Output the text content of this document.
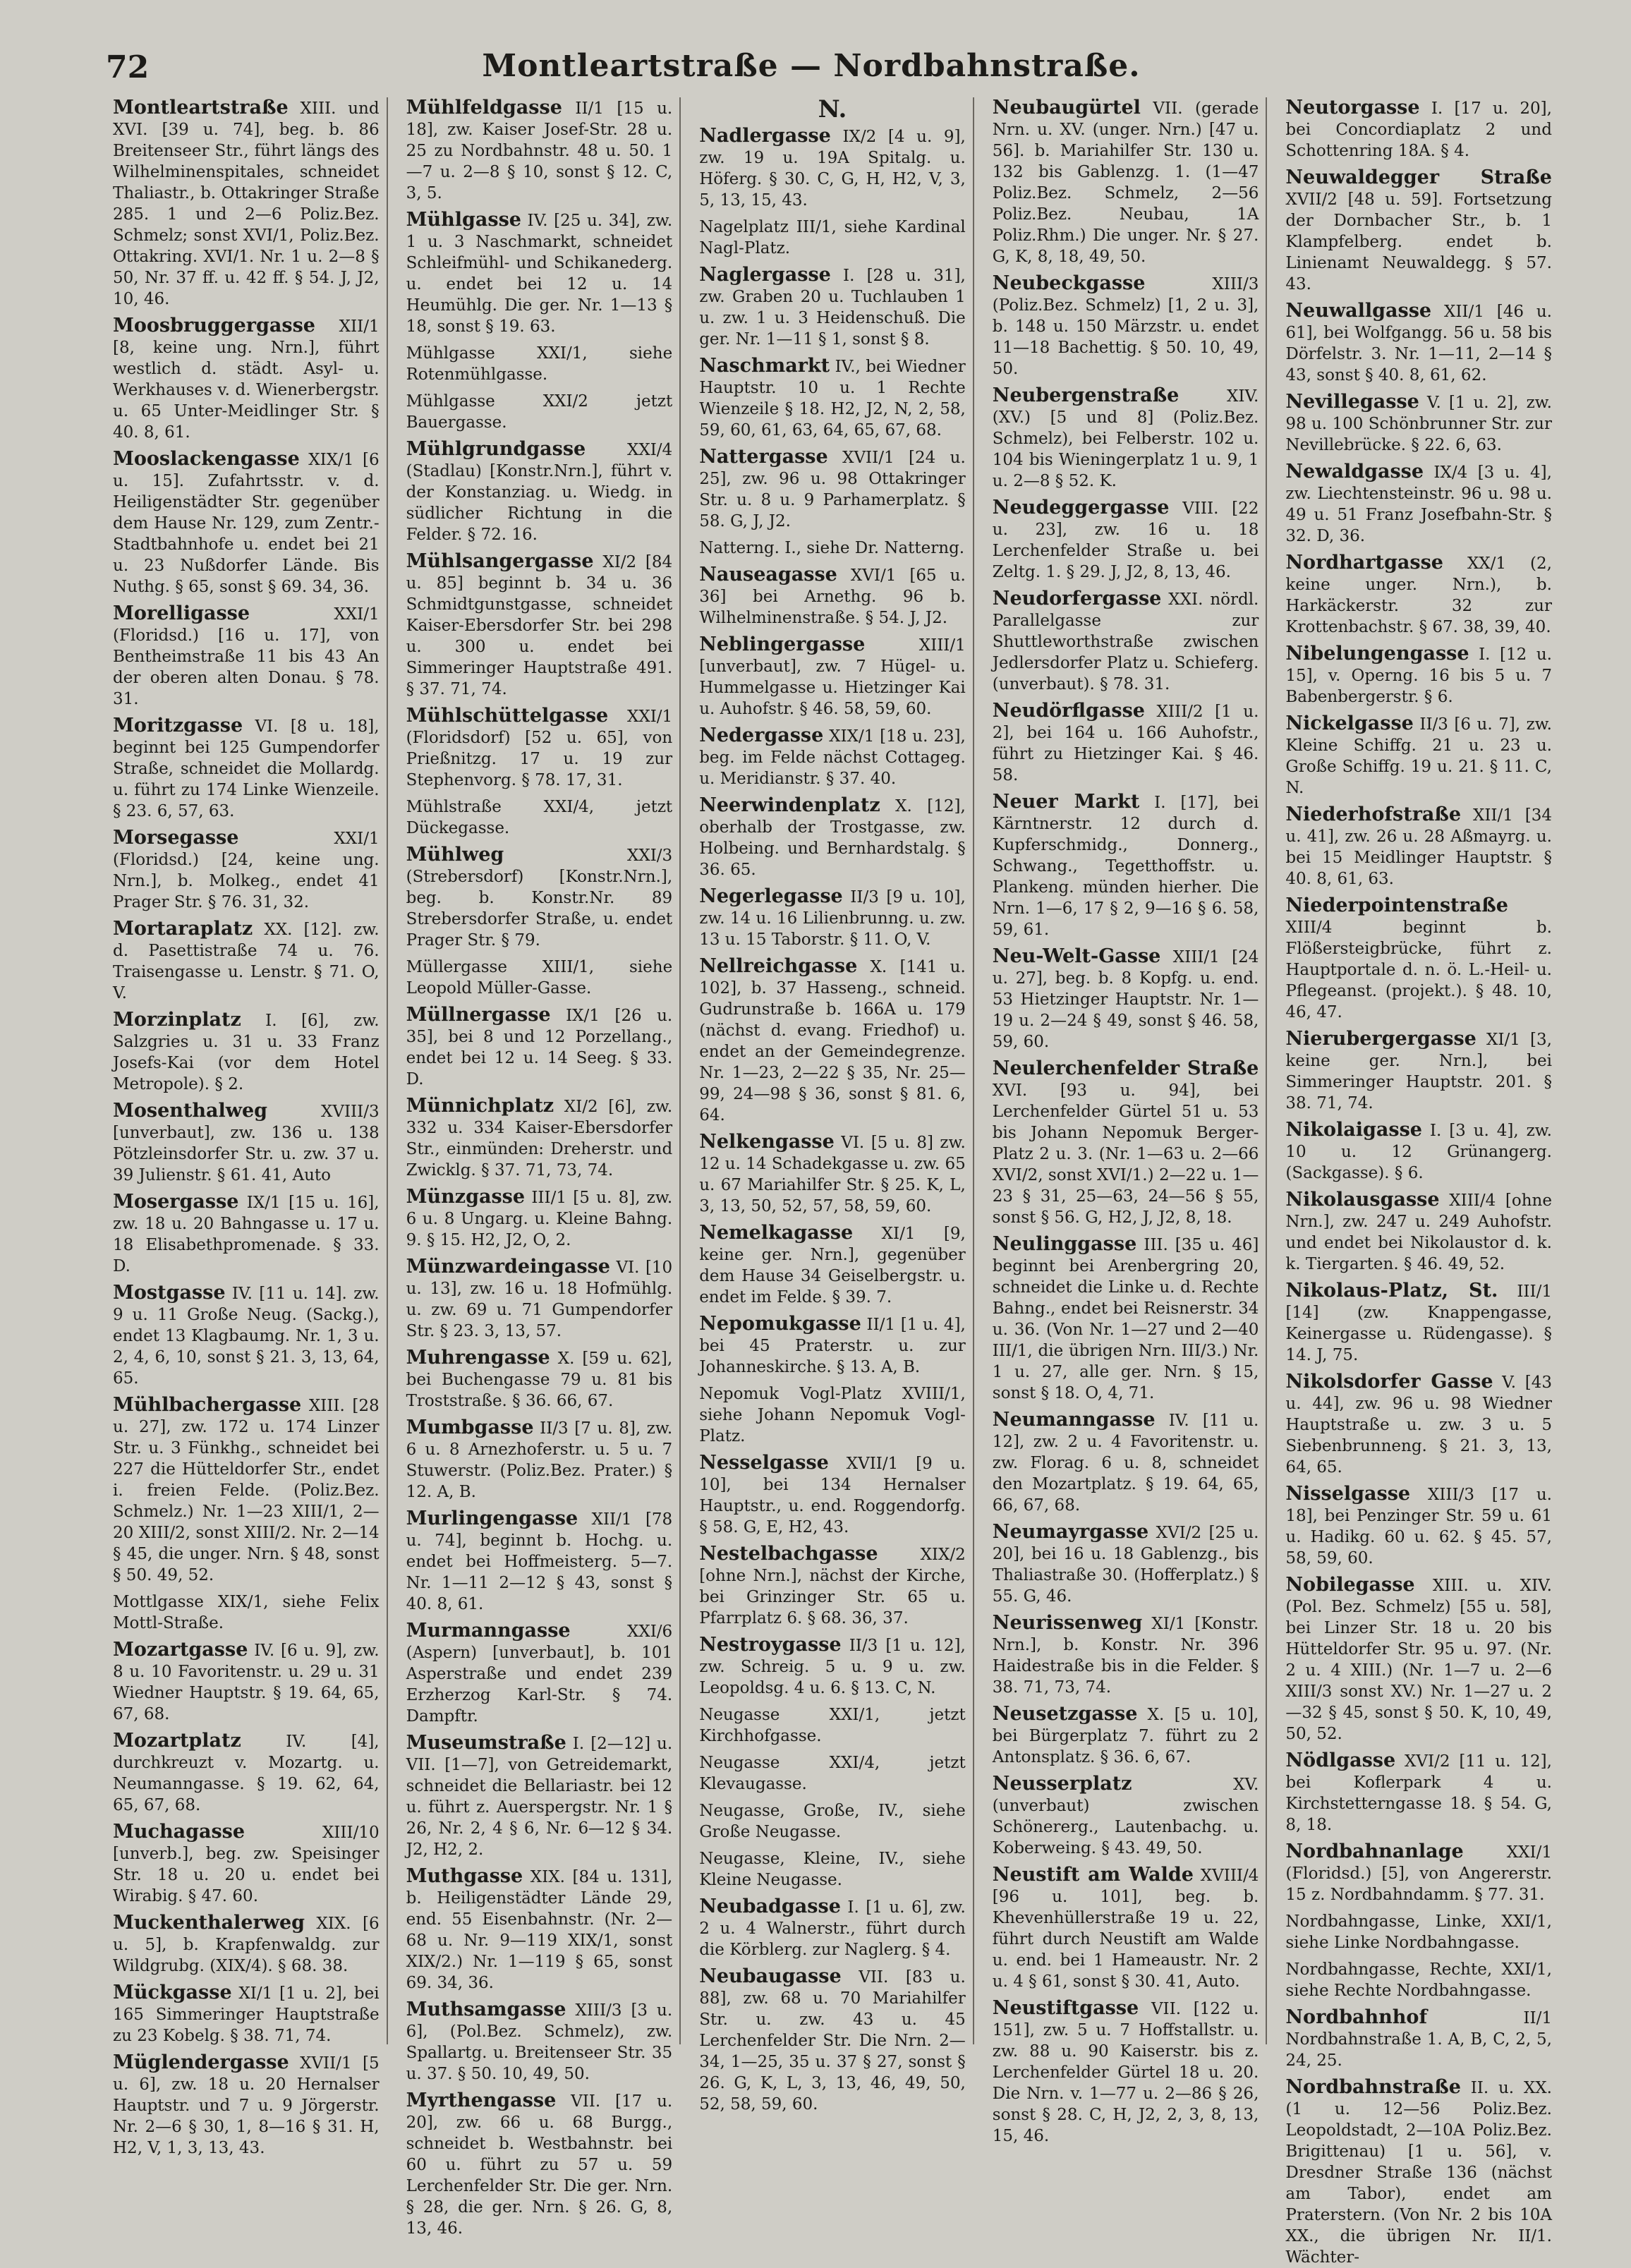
72	Montleartstraße — Nordbahnstraße.

Montleartstraße XIII. und XVI. [39 u. 74], beg. b. 86 Breitenseer Str., führt längs des Wilhelminenspitales, schneidet Thaliastr., b. Ottakringer Straße 285. 1 und 2—6 Poliz.Bez. Schmelz; sonst XVI/1, Poliz.Bez. Ottakring. XVI/1. Nr. 1 u. 2—8 § 50, Nr. 37 ff. u. 42 ff. § 54. J, J2, 10, 46.

Moosbruggergasse XII/1 [8, keine ung. Nrn.], führt westlich d. städt. Asyl- u. Werkhauses v. d. Wienerbergstr. u. 65 Unter-Meidlinger Str. § 40. 8, 61.

Mooslackengasse XIX/1 [6 u. 15]. Zufahrtsstr. v. d. Heiligenstädter Str. gegenüber dem Hause Nr. 129, zum Zentr.-Stadtbahnhofe u. endet bei 21 u. 23 Nußdorfer Lände. Bis Nuthg. § 65, sonst § 69. 34, 36.

Morelligasse	XXI/1 (Floridsd.) [16 u. 17], von Bentheimstraße 11 bis 43 An der oberen alten Donau. § 78. 31.

Moritzgasse VI. [8 u. 18], beginnt bei 125 Gumpendorfer Straße, schneidet die Mollardg. u. führt zu 174 Linke Wienzeile. § 23. 6, 57, 63.

Morsegasse	XXI/1 (Floridsd.) [24, keine ung. Nrn.], b. Molkeg., endet 41 Prager Str. § 76. 31, 32.

Mortaraplatz XX. [12]. zw. d. Pasettistraße 74 u. 76. Traisengasse u. Lenstr. § 71. O, V.

Morzinplatz I. [6], zw. Salzgries u. 31 u. 33 Franz Josefs-Kai (vor dem Hotel Metropole). § 2.

Mosenthalweg	XVIII/3 [unverbaut], zw. 136 u. 138 Pötzleinsdorfer Str. u. zw. 37 u. 39 Julienstr. § 61. 41, Auto

Mosergasse IX/1 [15 u. 16], zw. 18 u. 20 Bahngasse u. 17 u. 18 Elisabethpromenade. § 33. D.

Mostgasse IV. [11 u. 14]. zw. 9 u. 11 Große Neug. (Sackg.), endet 13 Klagbaumg. Nr. 1, 3 u. 2, 4, 6, 10, sonst § 21. 3, 13, 64, 65.

Mühlbachergasse XIII. [28 u. 27], zw. 172 u. 174 Linzer Str. u. 3 Fünkhg., schneidet bei 227 die Hütteldorfer Str., endet i. freien Felde. (Poliz.Bez. Schmelz.) Nr. 1—23 XIII/1, 2—20 XIII/2, sonst XIII/2. Nr. 2—14 § 45, die unger. Nrn. § 48, sonst § 50. 49, 52.

Mottlgasse XIX/1, siehe Felix Mottl-Straße.

Mozartgasse IV. [6 u. 9], zw. 8 u. 10 Favoritenstr. u. 29 u. 31 Wiedner Hauptstr. § 19. 64, 65, 67, 68.

Mozartplatz	IV. [4], durchkreuzt v. Mozartg. u. Neumanngasse. § 19. 62, 64, 65, 67, 68.

Muchagasse	XIII/10 [unverb.], beg. zw. Speisinger Str. 18 u. 20 u. endet bei Wirabig. § 47. 60.

Muckenthalerweg XIX. [6 u. 5], b. Krapfenwaldg. zur Wildgrubg. (XIX/4). § 68. 38.

Mückgasse XI/1 [1 u. 2], bei 165 Simmeringer Hauptstraße zu 23 Kobelg. § 38. 71, 74.

Müglendergasse XVII/1 [5 u. 6], zw. 18 u. 20 Hernalser Hauptstr. und 7 u. 9 Jörgerstr. Nr. 2—6 § 30, 1, 8—16 § 31. H, H2, V, 1, 3, 13, 43.

Mühlfeldgasse II/1 [15 u. 18], zw. Kaiser Josef-Str. 28 u. 25 zu Nordbahnstr. 48 u. 50. 1—7 u. 2—8 § 10, sonst § 12. C, 3, 5.

Mühlgasse IV. [25 u. 34], zw. 1 u. 3 Naschmarkt, schneidet Schleifmühl- und Schikanederg. u. endet bei 12 u. 14 Heumühlg. Die ger. Nr. 1—13 § 18, sonst § 19. 63.

Mühlgasse XXI/1, siehe Rotenmühlgasse.

Mühlgasse XXI/2 jetzt Bauergasse.

Mühlgrundgasse	XXI/4 (Stadlau) [Konstr.Nrn.], führt v. der Konstanziag. u. Wiedg. in südlicher Richtung in die Felder. § 72. 16.

Mühlsangergasse XI/2 [84 u. 85] beginnt b. 34 u. 36 Schmidtgunstgasse, schneidet Kaiser-Ebersdorfer Str. bei 298 u. 300 u. endet bei Simmeringer Hauptstraße 491. § 37. 71, 74.

Mühlschüttelgasse XXI/1 (Floridsdorf) [52 u. 65], von Prießnitzg. 17 u. 19 zur Stephenvorg. § 78. 17, 31.

Mühlstraße XXI/4, jetzt Dückegasse.

Mühlweg	XXI/3 (Strebersdorf) [Konstr.Nrn.], beg. b. Konstr.Nr. 89 Strebersdorfer Straße, u. endet Prager Str. § 79.

Müllergasse XIII/1, siehe Leopold Müller-Gasse.

Müllnergasse IX/1 [26 u. 35], bei 8 und 12 Porzellang., endet bei 12 u. 14 Seeg. § 33. D.

Münnichplatz XI/2 [6], zw. 332 u. 334 Kaiser-Ebersdorfer Str., einmünden: Dreherstr. und Zwicklg. § 37. 71, 73, 74.

Münzgasse III/1 [5 u. 8], zw. 6 u. 8 Ungarg. u. Kleine Bahng. 9. § 15. H2, J2, O, 2.

Münzwardeingasse VI. [10 u. 13], zw. 16 u. 18 Hofmühlg. u. zw. 69 u. 71 Gumpendorfer Str. § 23. 3, 13, 57.

Muhrengasse X. [59 u. 62], bei Buchengasse 79 u. 81 bis Troststraße. § 36. 66, 67.

Mumbgasse II/3 [7 u. 8], zw. 6 u. 8 Arnezhoferstr. u. 5 u. 7 Stuwerstr. (Poliz.Bez. Prater.) § 12. A, B.

Murlingengasse XII/1 [78 u. 74], beginnt b. Hochg. u. endet bei Hoffmeisterg. 5—7. Nr. 1—11 2—12 § 43, sonst § 40. 8, 61.

Murmanngasse	XXI/6 (Aspern) [unverbaut], b. 101 Asperstraße und endet 239 Erzherzog Karl-Str. § 74. Dampftr.

Museumstraße I. [2—12] u. VII. [1—7], von Getreidemarkt, schneidet die Bellariastr. bei 12 u. führt z. Auerspergstr. Nr. 1 § 26, Nr. 2, 4 § 6, Nr. 6—12 § 34. J2, H2, 2.

Muthgasse XIX. [84 u. 131], b. Heiligenstädter Lände 29, end. 55 Eisenbahnstr. (Nr. 2—68 u. Nr. 9—119 XIX/1, sonst XIX/2.) Nr. 1—119 § 65, sonst 69. 34, 36.

Muthsamgasse XIII/3 [3 u. 6], (Pol.Bez. Schmelz), zw. Spallartg. u. Breitenseer Str. 35 u. 37. § 50. 10, 49, 50.

Myrthengasse VII. [17 u. 20], zw. 66 u. 68 Burgg., schneidet b. Westbahnstr. bei 60 u. führt zu 57 u. 59 Lerchenfelder Str. Die ger. Nrn. § 28, die ger. Nrn. § 26. G, 8, 13, 46.

N.

Nadlergasse IX/2 [4 u. 9], zw. 19 u. 19A Spitalg. u. Höferg. § 30. C, G, H, H2, V, 3, 5, 13, 15, 43.

Nagelplatz III/1, siehe Kardinal Nagl-Platz.

Naglergasse I. [28 u. 31], zw. Graben 20 u. Tuchlauben 1 u. zw. 1 u. 3 Heidenschuß. Die ger. Nr. 1—11 § 1, sonst § 8.

Naschmarkt IV., bei Wiedner Hauptstr. 10 u. 1 Rechte Wienzeile § 18. H2, J2, N, 2, 58, 59, 60, 61, 63, 64, 65, 67, 68.

Nattergasse XVII/1 [24 u. 25], zw. 96 u. 98 Ottakringer Str. u. 8 u. 9 Parhamerplatz. § 58. G, J, J2.

Natterng. I., siehe Dr. Natterng.

Nauseagasse XVI/1 [65 u. 36] bei Arnethg. 96 b. Wilhelminenstraße. § 54. J, J2.

Neblingergasse	XIII/1 [unverbaut], zw. 7 Hügel- u. Hummelgasse u. Hietzinger Kai u. Auhofstr. § 46. 58, 59, 60.

Nedergasse XIX/1 [18 u. 23], beg. im Felde nächst Cottageg. u. Meridianstr. § 37. 40.

Neerwindenplatz X. [12], oberhalb der Trostgasse, zw. Holbeing. und Bernhardstalg. § 36. 65.

Negerlegasse II/3 [9 u. 10], zw. 14 u. 16 Lilienbrunng. u. zw. 13 u. 15 Taborstr. § 11. O, V.

Nellreichgasse X. [141 u. 102], b. 37 Hasseng., schneid. Gudrunstraße b. 166A u. 179 (nächst d. evang. Friedhof) u. endet an der Gemeindegrenze. Nr. 1—23, 2—22 § 35, Nr. 25—99, 24—98 § 36, sonst § 81. 6, 64.

Nelkengasse VI. [5 u. 8] zw. 12 u. 14 Schadekgasse u. zw. 65 u. 67 Mariahilfer Str. § 25. K, L, 3, 13, 50, 52, 57, 58, 59, 60.

Nemelkagasse XI/1 [9, keine ger. Nrn.], gegenüber dem Hause 34 Geiselbergstr. u. endet im Felde. § 39. 7.

Nepomukgasse II/1 [1 u. 4], bei 45 Praterstr. u. zur Johanneskirche. § 13. A, B.

Nepomuk Vogl-Platz XVIII/1, siehe Johann Nepomuk Vogl-Platz.

Nesselgasse XVII/1 [9 u. 10], bei 134 Hernalser Hauptstr., u. end. Roggendorfg. § 58. G, E, H2, 43.

Nestelbachgasse	XIX/2 [ohne Nrn.], nächst der Kirche, bei Grinzinger Str. 65 u. Pfarrplatz 6. § 68. 36, 37.

Nestroygasse II/3 [1 u. 12], zw. Schreig. 5 u. 9 u. zw. Leopoldsg. 4 u. 6. § 13. C, N.

Neugasse XXI/1, jetzt Kirchhofgasse.

Neugasse XXI/4, jetzt Klevaugasse.

Neugasse, Große, IV., siehe Große Neugasse.

Neugasse, Kleine, IV., siehe Kleine Neugasse.

Neubadgasse I. [1 u. 6], zw. 2 u. 4 Walnerstr., führt durch die Körblerg. zur Naglerg. § 4.

Neubaugasse VII. [83 u. 88], zw. 68 u. 70 Mariahilfer Str. u. zw. 43 u. 45 Lerchenfelder Str. Die Nrn. 2—34, 1—25, 35 u. 37 § 27, sonst § 26. G, K, L, 3, 13, 46, 49, 50, 52, 58, 59, 60.

Neubaugürtel VII. (gerade Nrn. u. XV. (unger. Nrn.) [47 u. 56]. b. Mariahilfer Str. 130 u. 132 bis Gablenzg. 1. (1—47 Poliz.Bez. Schmelz, 2—56 Poliz.Bez. Neubau, 1A Poliz.Rhm.) Die unger. Nr. § 27. G, K, 8, 18, 49, 50.

Neubeckgasse	XIII/3 (Poliz.Bez. Schmelz) [1, 2 u. 3], b. 148 u. 150 Märzstr. u. endet 11—18 Bachettig. § 50. 10, 49, 50.

Neubergenstraße	XIV. (XV.) [5 und 8] (Poliz.Bez. Schmelz), bei Felberstr. 102 u. 104 bis Wieningerplatz 1 u. 9, 1 u. 2—8 § 52. K.

Neudeggergasse VIII. [22 u. 23], zw. 16 u. 18 Lerchenfelder Straße u. bei Zeltg. 1. § 29. J, J2, 8, 13, 46.

Neudorfergasse XXI. nördl. Parallelgasse zur Shuttleworthstraße zwischen Jedlersdorfer Platz u. Schieferg. (unverbaut). § 78. 31.

Neudörflgasse XIII/2 [1 u. 2], bei 164 u. 166 Auhofstr., führt zu Hietzinger Kai. § 46. 58.

Neuer Markt I. [17], bei Kärntnerstr. 12 durch d. Kupferschmidg., Donnerg., Schwang., Tegetthoffstr. u. Plankeng. münden hierher. Die Nrn. 1—6, 17 § 2, 9—16 § 6. 58, 59, 61.

Neu-Welt-Gasse XIII/1 [24 u. 27], beg. b. 8 Kopfg. u. end. 53 Hietzinger Hauptstr. Nr. 1—19 u. 2—24 § 49, sonst § 46. 58, 59, 60.

Neulerchenfelder Straße XVI. [93 u. 94], bei Lerchenfelder Gürtel 51 u. 53 bis Johann Nepomuk Berger-Platz 2 u. 3. (Nr. 1—63 u. 2—66 XVI/2, sonst XVI/1.) 2—22 u. 1—23 § 31, 25—63, 24—56 § 55, sonst § 56. G, H2, J, J2, 8, 18.

Neulinggasse III. [35 u. 46] beginnt bei Arenbergring 20, schneidet die Linke u. d. Rechte Bahng., endet bei Reisnerstr. 34 u. 36. (Von Nr. 1—27 und 2—40 III/1, die übrigen Nrn. III/3.) Nr. 1 u. 27, alle ger. Nrn. § 15, sonst § 18. O, 4, 71.

Neumanngasse IV. [11 u. 12], zw. 2 u. 4 Favoritenstr. u. zw. Florag. 6 u. 8, schneidet den Mozartplatz. § 19. 64, 65, 66, 67, 68.

Neumayrgasse XVI/2 [25 u. 20], bei 16 u. 18 Gablenzg., bis Thaliastraße 30. (Hofferplatz.) § 55. G, 46.

Neurissenweg XI/1 [Konstr. Nrn.], b. Konstr. Nr. 396 Haidestraße bis in die Felder. § 38. 71, 73, 74.

Neusetzgasse X. [5 u. 10], bei Bürgerplatz 7. führt zu 2 Antonsplatz. § 36. 6, 67.

Neusserplatz	XV. (unverbaut) zwischen Schönererg., Lautenbachg. u. Koberweing. § 43. 49, 50.

Neustift am Walde XVIII/4 [96 u. 101], beg. b. Khevenhüllerstraße 19 u. 22, führt durch Neustift am Walde u. end. bei 1 Hameaustr. Nr. 2 u. 4 § 61, sonst § 30. 41, Auto.

Neustiftgasse VII. [122 u. 151], zw. 5 u. 7 Hoffstallstr. u. zw. 88 u. 90 Kaiserstr. bis z. Lerchenfelder Gürtel 18 u. 20. Die Nrn. v. 1—77 u. 2—86 § 26, sonst § 28. C, H, J2, 2, 3, 8, 13, 15, 46.

Neutorgasse I. [17 u. 20], bei Concordiaplatz 2 und Schottenring 18A. § 4.

Neuwaldegger Straße XVII/2 [48 u. 59]. Fortsetzung der Dornbacher Str., b. 1 Klampfelberg. endet b. Linienamt Neuwaldegg. § 57. 43.

Neuwallgasse XII/1 [46 u. 61], bei Wolfgangg. 56 u. 58 bis Dörfelstr. 3. Nr. 1—11, 2—14 § 43, sonst § 40. 8, 61, 62.

Nevillegasse V. [1 u. 2], zw. 98 u. 100 Schönbrunner Str. zur Nevillebrücke. § 22. 6, 63.

Newaldgasse IX/4 [3 u. 4], zw. Liechtensteinstr. 96 u. 98 u. 49 u. 51 Franz Josefbahn-Str. § 32. D, 36.

Nordhartgasse XX/1 (2, keine unger. Nrn.), b. Harkäckerstr. 32 zur Krottenbachstr. § 67. 38, 39, 40.

Nibelungengasse I. [12 u. 15], v. Operng. 16 bis 5 u. 7 Babenbergerstr. § 6.

Nickelgasse II/3 [6 u. 7], zw. Kleine Schiffg. 21 u. 23 u. Große Schiffg. 19 u. 21. § 11. C, N.

Niederhofstraße XII/1 [34 u. 41], zw. 26 u. 28 Aßmayrg. u. bei 15 Meidlinger Hauptstr. § 40. 8, 61, 63.

Niederpointenstraße XIII/4 beginnt b. Flößersteigbrücke, führt z. Hauptportale d. n. ö. L.-Heil- u. Pflegeanst. (projekt.). § 48. 10, 46, 47.

Nierubergergasse XI/1 [3, keine ger. Nrn.], bei Simmeringer Hauptstr. 201. § 38. 71, 74.

Nikolaigasse I. [3 u. 4], zw. 10 u. 12 Grünangerg. (Sackgasse). § 6.

Nikolausgasse XIII/4 [ohne Nrn.], zw. 247 u. 249 Auhofstr. und endet bei Nikolaustor d. k. k. Tiergarten. § 46. 49, 52.

Nikolaus-Platz, St. III/1 [14] (zw. Knappengasse, Keinergasse u. Rüdengasse). § 14. J, 75.

Nikolsdorfer Gasse V. [43 u. 44], zw. 96 u. 98 Wiedner Hauptstraße u. zw. 3 u. 5 Siebenbrunneng. § 21. 3, 13, 64, 65.

Nisselgasse XIII/3 [17 u. 18], bei Penzinger Str. 59 u. 61 u. Hadikg. 60 u. 62. § 45. 57, 58, 59, 60.

Nobilegasse XIII. u. XIV. (Pol. Bez. Schmelz) [55 u. 58], bei Linzer Str. 18 u. 20 bis Hütteldorfer Str. 95 u. 97. (Nr. 2 u. 4 XIII.) (Nr. 1—7 u. 2—6 XIII/3 sonst XV.) Nr. 1—27 u. 2—32 § 45, sonst § 50. K, 10, 49, 50, 52.

Nödlgasse XVI/2 [11 u. 12], bei Koflerpark 4 u. Kirchstetterngasse 18. § 54. G, 8, 18.

Nordbahnanlage	XXI/1 (Floridsd.) [5], von Angererstr. 15 z. Nordbahndamm. § 77. 31.

Nordbahngasse, Linke, XXI/1, siehe Linke Nordbahngasse.

Nordbahngasse, Rechte, XXI/1, siehe Rechte Nordbahngasse.

Nordbahnhof	II/1 Nordbahnstraße 1. A, B, C, 2, 5, 24, 25.

Nordbahnstraße II. u. XX. (1 u. 12—56 Poliz.Bez. Leopoldstadt, 2—10A Poliz.Bez. Brigittenau) [1 u. 56], v. Dresdner Straße 136 (nächst am Tabor), endet am Praterstern. (Von Nr. 2 bis 10A XX., die übrigen Nr. II/1. Wächter-
